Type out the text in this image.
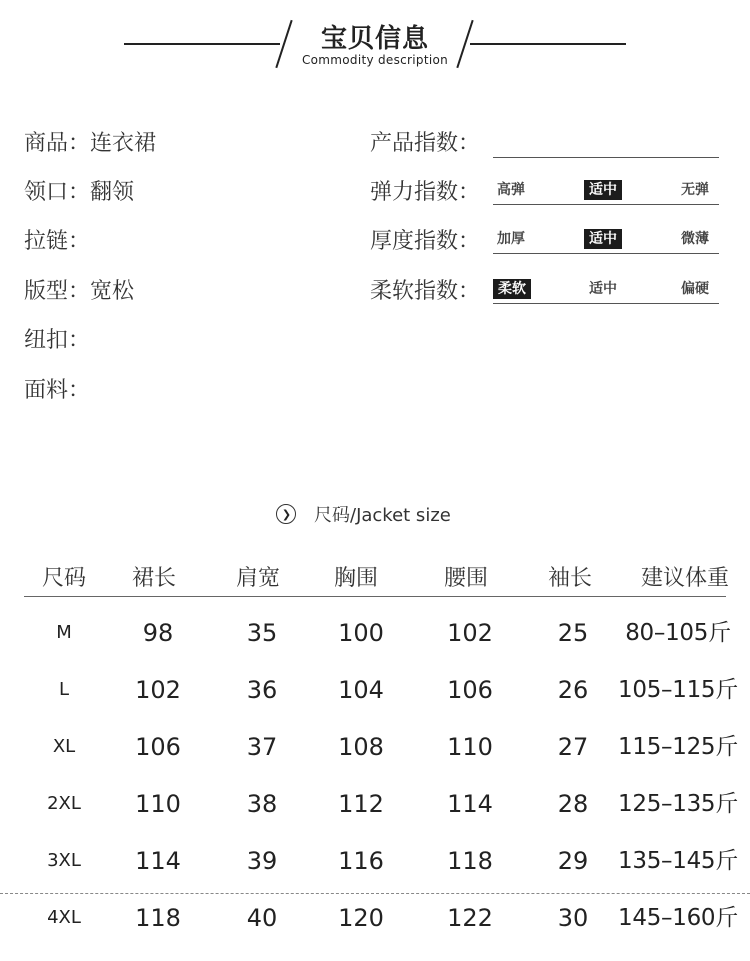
宝贝信息
Commodity description
商品 ： 连衣裙
领口 ： 翻领
拉链 ：
版型 ： 宽松
纽扣 ：
面料 ：
产品指数 ：
弹力指数 ：	高弹	适中	无弹
厚度指数 ：	加厚	适中	微薄
柔软指数 ：	柔软	适中	偏硬
❯ 尺码/Jacket size
尺码	裙长	肩宽	胸围	腰围	袖长	建议体重
M	98	35	100	102	25	80–105斤
L	102	36	104	106	26	105–115斤
XL	106	37	108	110	27	115–125斤
2XL	110	38	112	114	28	125–135斤
3XL	114	39	116	118	29	135–145斤
4XL	118	40	120	122	30	145–160斤
